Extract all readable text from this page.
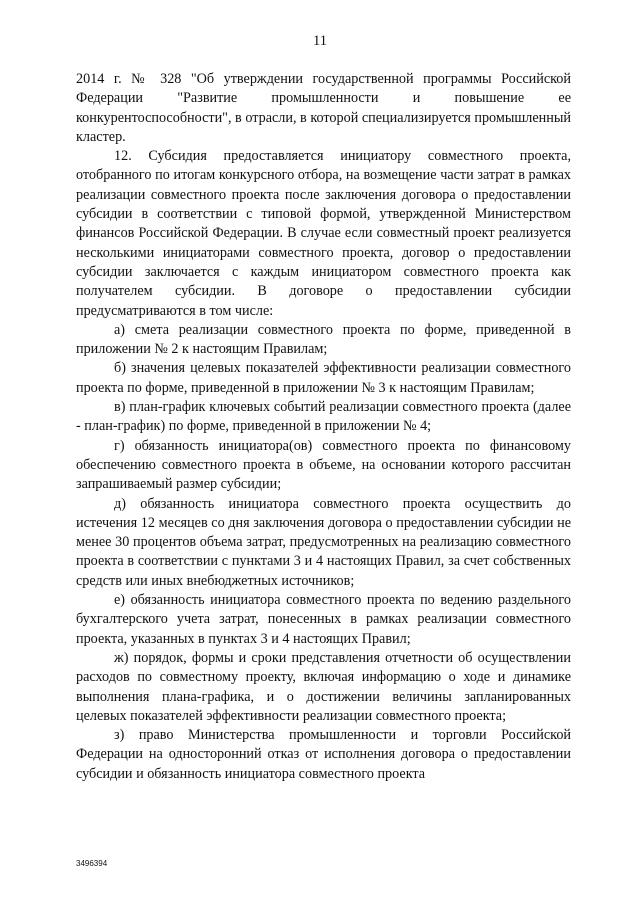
11

2014 г. № 328 "Об утверждении государственной программы Российской Федерации "Развитие промышленности и повышение ее конкурентоспособности", в отрасли, в которой специализируется промышленный кластер.

12. Субсидия предоставляется инициатору совместного проекта, отобранного по итогам конкурсного отбора, на возмещение части затрат в рамках реализации совместного проекта после заключения договора о предоставлении субсидии в соответствии с типовой формой, утвержденной Министерством финансов Российской Федерации. В случае если совместный проект реализуется несколькими инициаторами совместного проекта, договор о предоставлении субсидии заключается с каждым инициатором совместного проекта как получателем субсидии. В договоре о предоставлении субсидии предусматриваются в том числе:

а) смета реализации совместного проекта по форме, приведенной в приложении № 2 к настоящим Правилам;

б) значения целевых показателей эффективности реализации совместного проекта по форме, приведенной в приложении № 3 к настоящим Правилам;

в) план-график ключевых событий реализации совместного проекта (далее - план-график) по форме, приведенной в приложении № 4;

г) обязанность инициатора(ов) совместного проекта по финансовому обеспечению совместного проекта в объеме, на основании которого рассчитан запрашиваемый размер субсидии;

д) обязанность инициатора совместного проекта осуществить до истечения 12 месяцев со дня заключения договора о предоставлении субсидии не менее 30 процентов объема затрат, предусмотренных на реализацию совместного проекта в соответствии с пунктами 3 и 4 настоящих Правил, за счет собственных средств или иных внебюджетных источников;

е) обязанность инициатора совместного проекта по ведению раздельного бухгалтерского учета затрат, понесенных в рамках реализации совместного проекта, указанных в пунктах 3 и 4 настоящих Правил;

ж) порядок, формы и сроки представления отчетности об осуществлении расходов по совместному проекту, включая информацию о ходе и динамике выполнения плана-графика, и о достижении величины запланированных целевых показателей эффективности реализации совместного проекта;

з) право Министерства промышленности и торговли Российской Федерации на односторонний отказ от исполнения договора о предоставлении субсидии и обязанность инициатора совместного проекта

3496394
